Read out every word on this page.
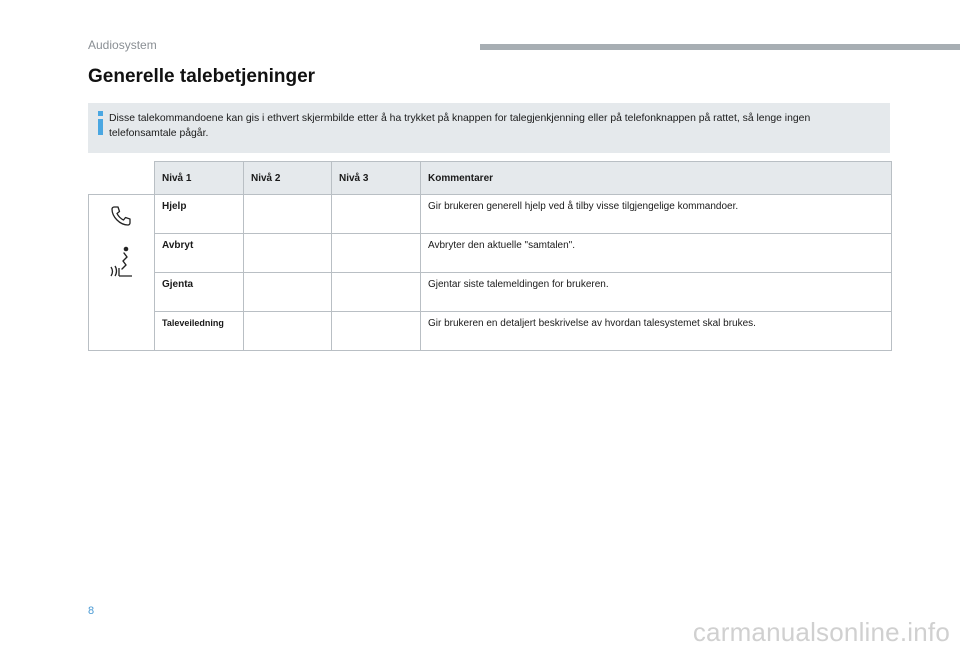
Audiosystem
Generelle talebetjeninger
Disse talekommandoene kan gis i ethvert skjermbilde etter å ha trykket på knappen for talegjenkjenning eller på telefonknappen på rattet, så lenge ingen telefonsamtale pågår.
	Nivå 1	Nivå 2	Nivå 3	Kommentarer

	Hjelp			Gir brukeren generell hjelp ved å tilby visse tilgjengelige kommandoer.
	Avbryt			Avbryter den aktuelle "samtalen".
	Gjenta			Gjentar siste talemeldingen for brukeren.
	Taleveiledning			Gir brukeren en detaljert beskrivelse av hvordan talesystemet skal brukes.
8
carmanualsonline.info
